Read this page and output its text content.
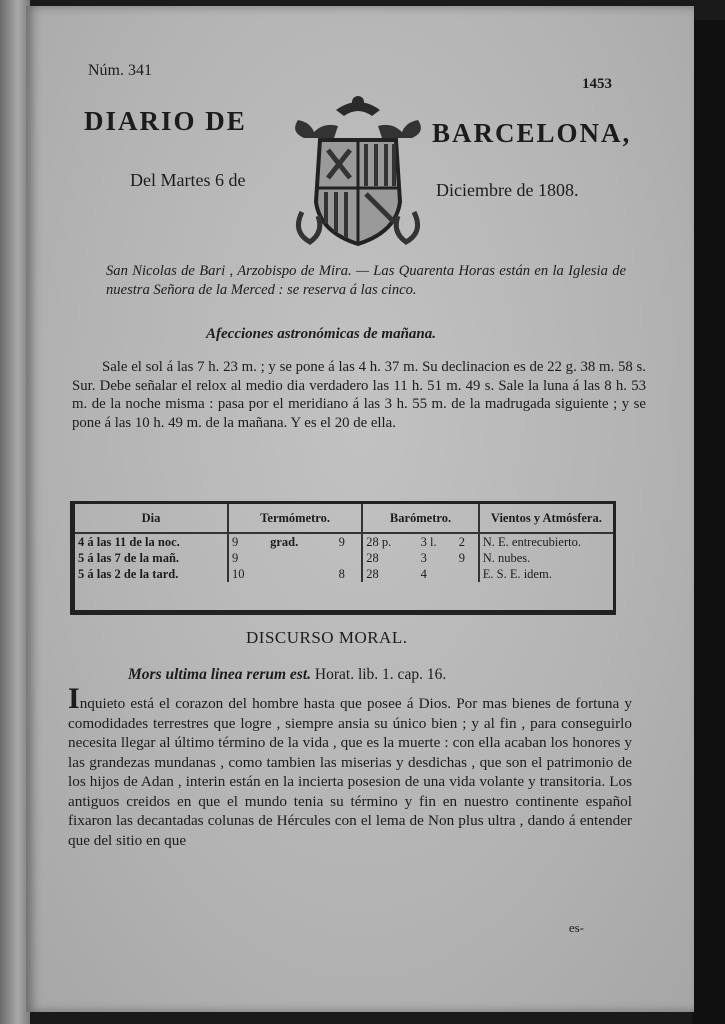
Núm. 341
1453
DIARIO DE	BARCELONA,
Del Martes 6 de	Diciembre de 1808.
San Nicolas de Bari , Arzobispo de Mira. — Las Quarenta Horas están en la Iglesia de nuestra Señora de la Merced : se reserva á las cinco.
Afecciones astronómicas de mañana.
Sale el sol á las 7 h. 23 m. ; y se pone á las 4 h. 37 m. Su declinacion es de 22 g. 38 m. 58 s. Sur. Debe señalar el relox al medio dia verdadero las 11 h. 51 m. 49 s. Sale la luna á las 8 h. 53 m. de la noche misma : pasa por el meridiano á las 3 h. 55 m. de la madrugada siguiente ; y se pone á las 10 h. 49 m. de la mañana. Y es el 20 de ella.
Dia	Termómetro.			Barómetro.			Vientos y Atmósfera.
4 á las 11 de la noc.	9	grad.	9	28 p.	3 l.	2	N. E. entrecubierto.
5 á las 7 de la mañ.	9			28	3	9	N. nubes.
5 á las 2 de la tard.	10		8	28	4		E. S. E. idem.
DISCURSO MORAL.
Mors ultima linea rerum est. Horat. lib. 1. cap. 16.
Inquieto está el corazon del hombre hasta que posee á Dios. Por mas bienes de fortuna y comodidades terrestres que logre , siempre ansia su único bien ; y al fin , para conseguirlo necesita llegar al último término de la vida , que es la muerte : con ella acaban los honores y las grandezas mundanas , como tambien las miserias y desdichas , que son el patrimonio de los hijos de Adan , interin están en la incierta posesion de una vida volante y transitoria. Los antiguos creidos en que el mundo tenia su término y fin en nuestro continente español fixaron las decantadas colunas de Hércules con el lema de Non plus ultra , dando á entender que del sitio en que
es-
